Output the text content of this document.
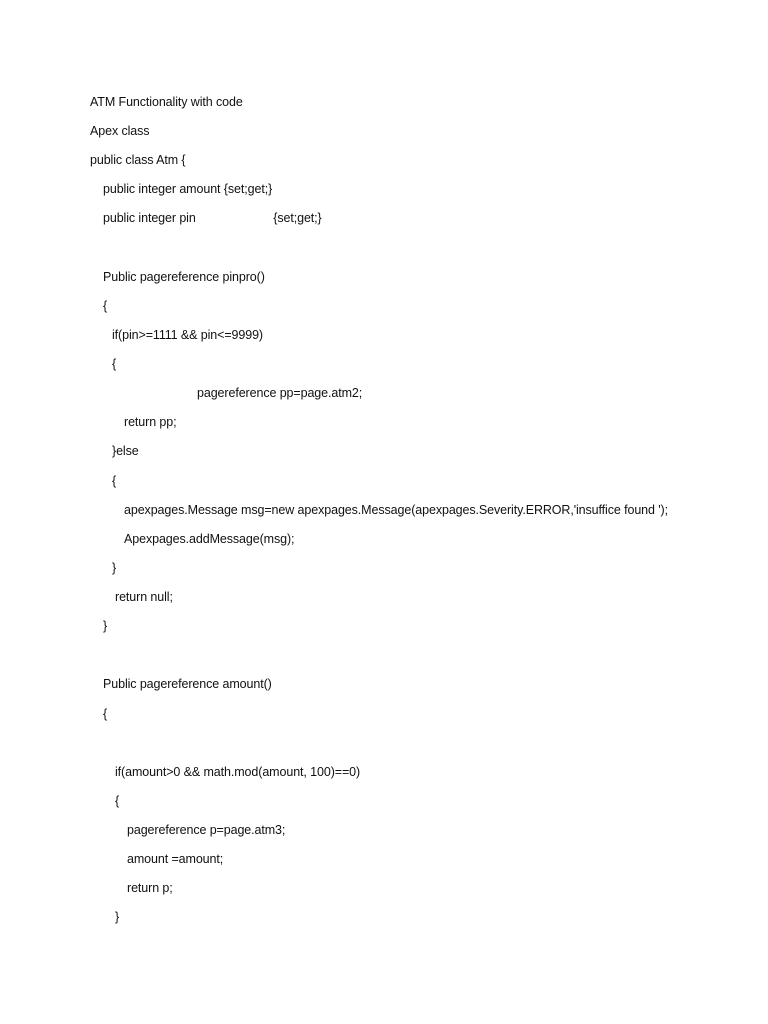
ATM Functionality with code
Apex class
public class Atm {
public integer amount {set;get;}
public integer pin                       {set;get;}
Public pagereference pinpro()
{
if(pin>=1111 && pin<=9999)
{
pagereference pp=page.atm2;
return pp;
}else
{
apexpages.Message msg=new apexpages.Message(apexpages.Severity.ERROR,'insuffice found ');
Apexpages.addMessage(msg);
}
return null;
}
Public pagereference amount()
{
if(amount>0 && math.mod(amount, 100)==0)
{
pagereference p=page.atm3;
amount =amount;
return p;
}
